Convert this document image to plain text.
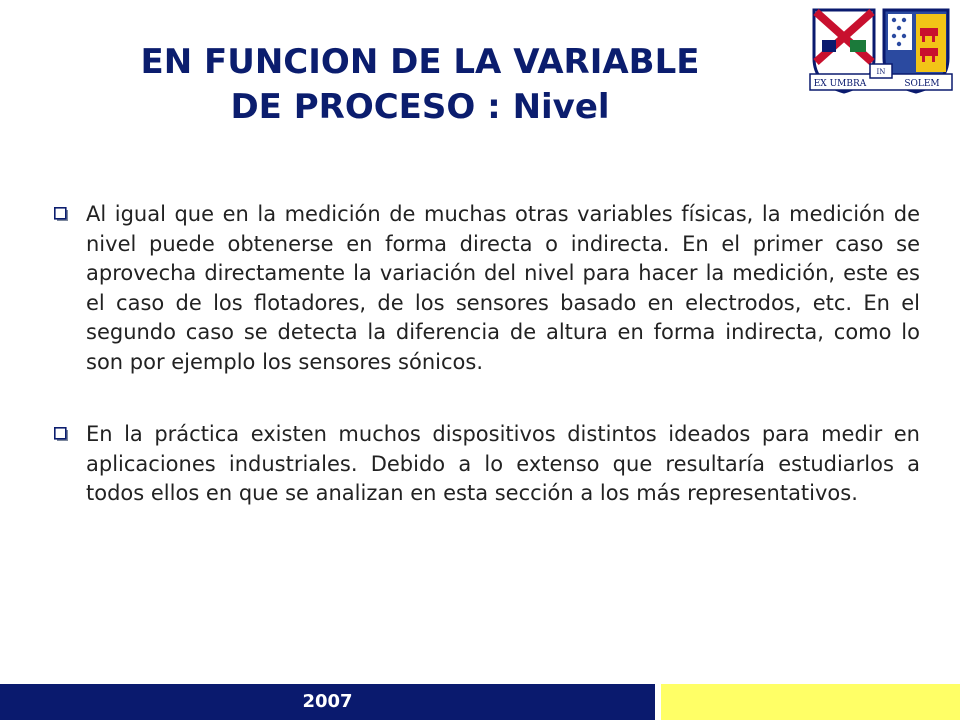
EN FUNCION DE LA VARIABLE
DE PROCESO : Nivel
EX UMBRA
IN
SOLEM

Al igual que en la medición de muchas otras variables físicas, la medición de nivel puede obtenerse en forma directa o indirecta. En el primer caso se aprovecha directamente la variación del nivel para hacer la medición, este es el caso de los flotadores, de los sensores basado en electrodos, etc. En el segundo caso se detecta la diferencia de altura en forma indirecta, como lo son por ejemplo los sensores sónicos.

En la práctica existen muchos dispositivos distintos ideados para medir en aplicaciones industriales. Debido a lo extenso que resultaría estudiarlos a todos ellos en que se analizan en esta sección a los más representativos.

2007
